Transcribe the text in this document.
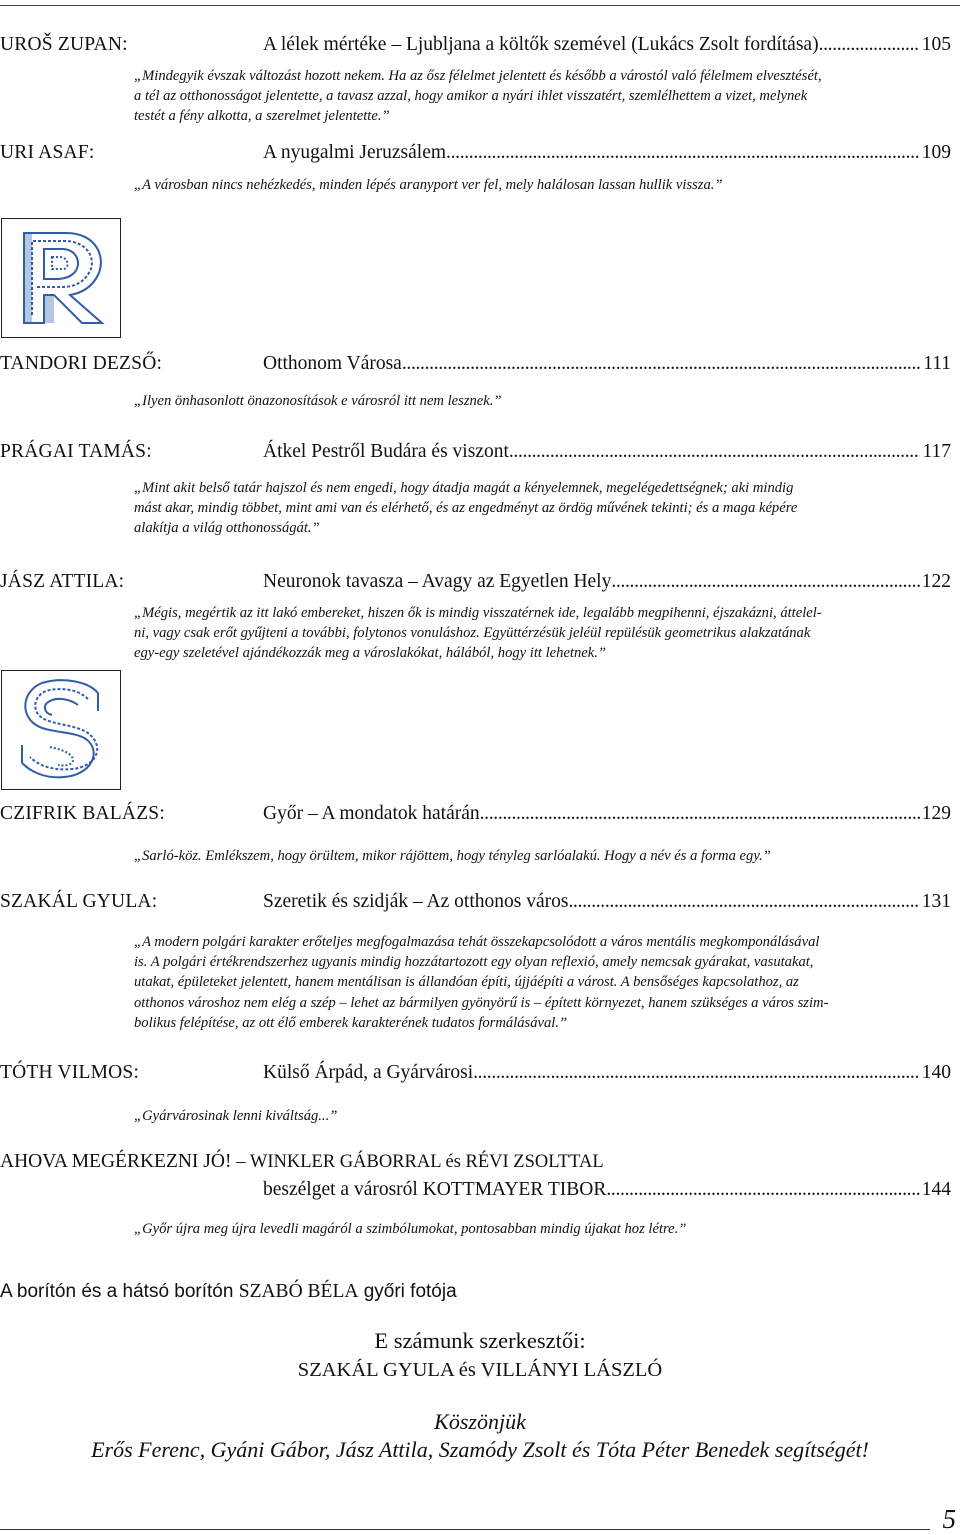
UROŠ ZUPAN:	A lélek mértéke – Ljubljana a költők szemével (Lukács Zsolt fordítása) . . .	105
„Mindegyik évszak változást hozott nekem. Ha az ősz félelmet jelentett és később a várostól való félelmem elvesztését,
a tél az otthonosságot jelentette, a tavasz azzal, hogy amikor a nyári ihlet visszatért, szemlélhettem a vizet, melynek
testét a fény alkotta, a szerelmet jelentette.”
URI ASAF:	A nyugalmi Jeruzsálem . . .	109
„A városban nincs nehézkedés, minden lépés aranyport ver fel, mely halálosan lassan hullik vissza.”
TANDORI DEZSŐ:	Otthonom Városa . . .	111
„Ilyen önhasonlott önazonosítások e városról itt nem lesznek.”
PRÁGAI TAMÁS:	Átkel Pestről Budára és viszont . . .	117
„Mint akit belső tatár hajszol és nem engedi, hogy átadja magát a kényelemnek, megelégedettségnek; aki mindig
mást akar, mindig többet, mint ami van és elérhető, és az engedményt az ördög művének tekinti; és a maga képére
alakítja a világ otthonosságát.”
JÁSZ ATTILA:	Neuronok tavasza – Avagy az Egyetlen Hely . . .	122
„Mégis, megértik az itt lakó embereket, hiszen ők is mindig visszatérnek ide, legalább megpihenni, éjszakázni, áttelel-
ni, vagy csak erőt gyűjteni a további, folytonos vonuláshoz. Együttérzésük jeléül repülésük geometrikus alakzatának
egy-egy szeletével ajándékozzák meg a városlakókat, hálából, hogy itt lehetnek.”
CZIFRIK BALÁZS:	Győr – A mondatok határán . . .	129
„Sarló-köz. Emlékszem, hogy örültem, mikor rájöttem, hogy tényleg sarlóalakú. Hogy a név és a forma egy.”
SZAKÁL GYULA:	Szeretik és szidják – Az otthonos város . . .	131
„A modern polgári karakter erőteljes megfogalmazása tehát összekapcsolódott a város mentális megkomponálásával
is. A polgári értékrendszerhez ugyanis mindig hozzátartozott egy olyan reflexió, amely nemcsak gyárakat, vasutakat,
utakat, épületeket jelentett, hanem mentálisan is állandóan építi, újjáépíti a várost. A bensőséges kapcsolathoz, az
otthonos városhoz nem elég a szép – lehet az bármilyen gyönyörű is – épített környezet, hanem szükséges a város szim-
bolikus felépítése, az ott élő emberek karakterének tudatos formálásával.”
TÓTH VILMOS:	Külső Árpád, a Gyárvárosi . . .	140
„Gyárvárosinak lenni kiváltság...”
AHOVA MEGÉRKEZNI JÓ! – WINKLER GÁBORRAL és RÉVI ZSOLTTAL
beszélget a városról KOTTMAYER TIBOR . . .	144
„Győr újra meg újra levedli magáról a szimbólumokat, pontosabban mindig újakat hoz létre.”
A borítón és a hátsó borítón SZABÓ BÉLA győri fotója
E számunk szerkesztői:
SZAKÁL GYULA és VILLÁNYI LÁSZLÓ
Köszönjük
Erős Ferenc, Gyáni Gábor, Jász Attila, Szamódy Zsolt és Tóta Péter Benedek segítségét!
5
